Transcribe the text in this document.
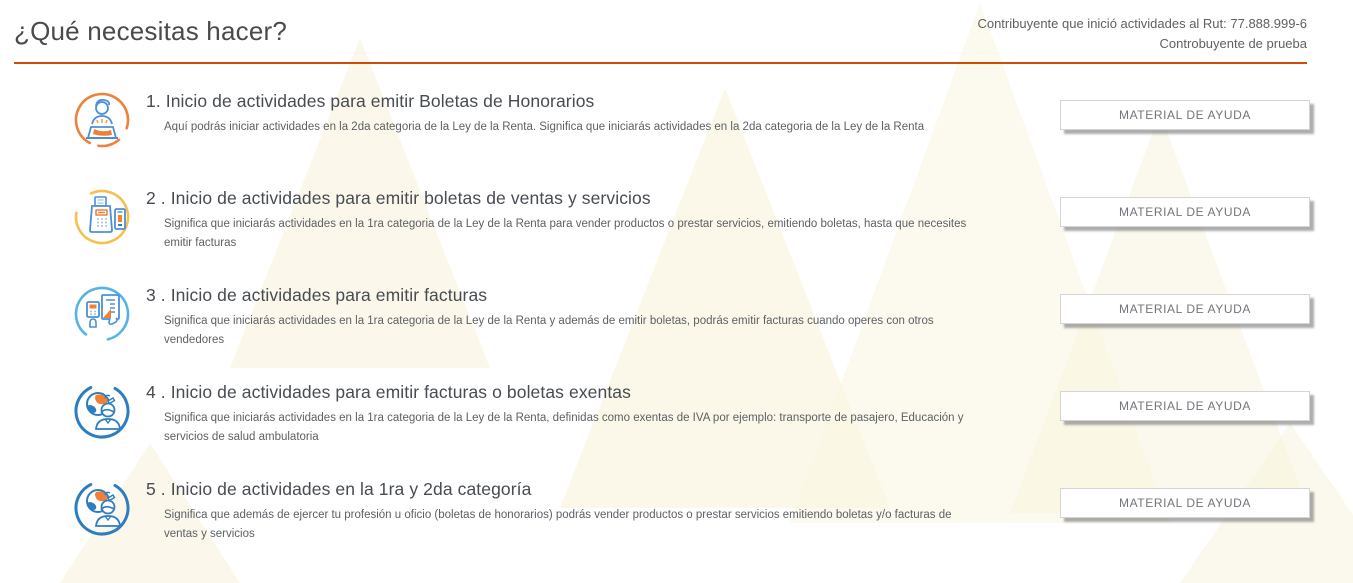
¿Qué necesitas hacer?	Contribuyente que inició actividades al Rut: 77.888.999-6
Controbuyente de prueba
1. Inicio de actividades para emitir Boletas de Honorarios
Aquí podrás iniciar actividades en la 2da categoria de la Ley de la Renta. Significa que iniciarás actividades en la 2da categoria de la Ley de la Renta
MATERIAL DE AYUDA
2 . Inicio de actividades para emitir boletas de ventas y servicios
Significa que iniciarás actividades en la 1ra categoria de la Ley de la Renta para vender productos o prestar servicios, emitiendo boletas, hasta que necesites emitir facturas
MATERIAL DE AYUDA
3 . Inicio de actividades para emitir facturas
Significa que iniciarás actividades en la 1ra categoria de la Ley de la Renta y además de emitir boletas, podrás emitir facturas cuando operes con otros vendedores
MATERIAL DE AYUDA
4 . Inicio de actividades para emitir facturas o boletas exentas
Significa que iniciarás actividades en la 1ra categoria de la Ley de la Renta, definidas como exentas de IVA por ejemplo: transporte de pasajero, Educación y servicios de salud ambulatoria
MATERIAL DE AYUDA
5 . Inicio de actividades en la 1ra y 2da categoría
Significa que además de ejercer tu profesión u oficio (boletas de honorarios) podrás vender productos o prestar servicios emitiendo boletas y/o facturas de ventas y servicios
MATERIAL DE AYUDA
